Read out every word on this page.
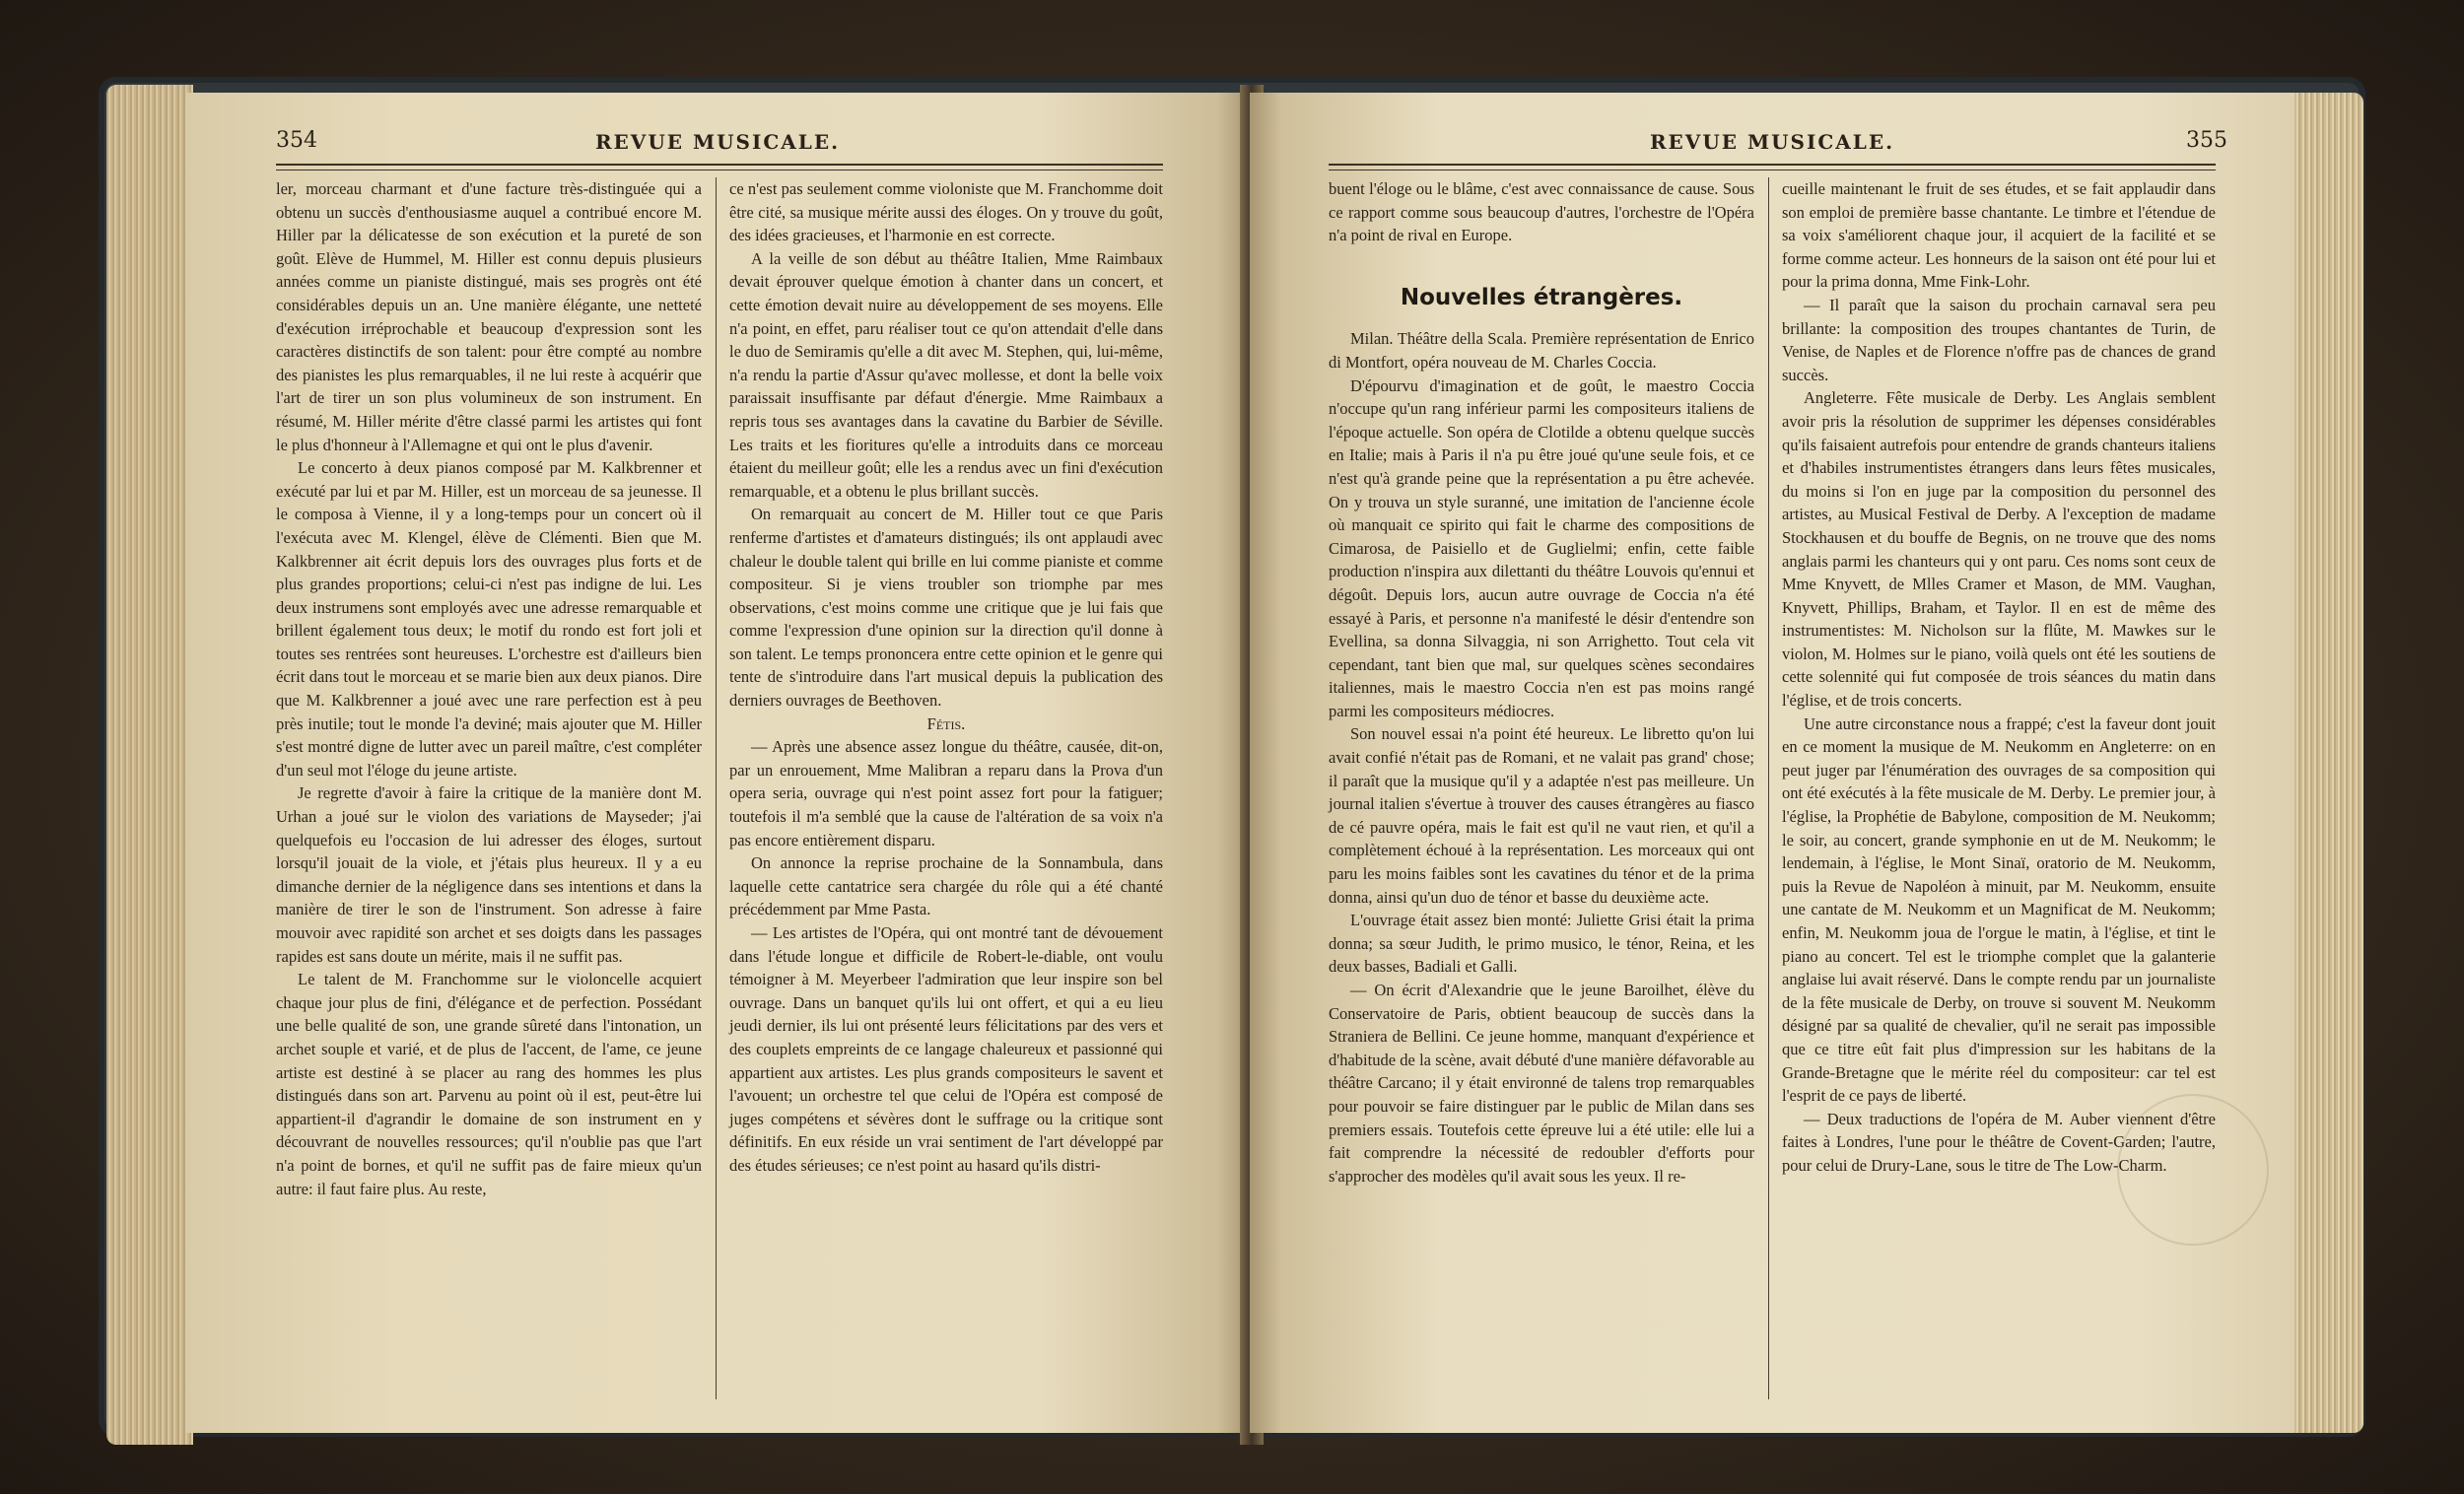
354	REVUE MUSICALE.

ler, morceau charmant et d'une facture très-distinguée qui a obtenu un succès d'enthousiasme auquel a contribué encore M. Hiller par la délicatesse de son exécution et la pureté de son goût. Elève de Hummel, M. Hiller est connu depuis plusieurs années comme un pianiste distingué, mais ses progrès ont été considérables depuis un an. Une manière élégante, une netteté d'exécution irréprochable et beaucoup d'expression sont les caractères distinctifs de son talent: pour être compté au nombre des pianistes les plus remarquables, il ne lui reste à acquérir que l'art de tirer un son plus volumineux de son instrument. En résumé, M. Hiller mérite d'être classé parmi les artistes qui font le plus d'honneur à l'Allemagne et qui ont le plus d'avenir.

Le concerto à deux pianos composé par M. Kalkbrenner et exécuté par lui et par M. Hiller, est un morceau de sa jeunesse. Il le composa à Vienne, il y a long-temps pour un concert où il l'exécuta avec M. Klengel, élève de Clémenti. Bien que M. Kalkbrenner ait écrit depuis lors des ouvrages plus forts et de plus grandes proportions; celui-ci n'est pas indigne de lui. Les deux instrumens sont employés avec une adresse remarquable et brillent également tous deux; le motif du rondo est fort joli et toutes ses rentrées sont heureuses. L'orchestre est d'ailleurs bien écrit dans tout le morceau et se marie bien aux deux pianos. Dire que M. Kalkbrenner a joué avec une rare perfection est à peu près inutile; tout le monde l'a deviné; mais ajouter que M. Hiller s'est montré digne de lutter avec un pareil maître, c'est compléter d'un seul mot l'éloge du jeune artiste.

Je regrette d'avoir à faire la critique de la manière dont M. Urhan a joué sur le violon des variations de Mayseder; j'ai quelquefois eu l'occasion de lui adresser des éloges, surtout lorsqu'il jouait de la viole, et j'étais plus heureux. Il y a eu dimanche dernier de la négligence dans ses intentions et dans la manière de tirer le son de l'instrument. Son adresse à faire mouvoir avec rapidité son archet et ses doigts dans les passages rapides est sans doute un mérite, mais il ne suffit pas.

Le talent de M. Franchomme sur le violoncelle acquiert chaque jour plus de fini, d'élégance et de perfection. Possédant une belle qualité de son, une grande sûreté dans l'intonation, un archet souple et varié, et de plus de l'accent, de l'ame, ce jeune artiste est destiné à se placer au rang des hommes les plus distingués dans son art. Parvenu au point où il est, peut-être lui appartient-il d'agrandir le domaine de son instrument en y découvrant de nouvelles ressources; qu'il n'oublie pas que l'art n'a point de bornes, et qu'il ne suffit pas de faire mieux qu'un autre: il faut faire plus. Au reste,

ce n'est pas seulement comme violoniste que M. Franchomme doit être cité, sa musique mérite aussi des éloges. On y trouve du goût, des idées gracieuses, et l'harmonie en est correcte.

A la veille de son début au théâtre Italien, Mme Raimbaux devait éprouver quelque émotion à chanter dans un concert, et cette émotion devait nuire au développement de ses moyens. Elle n'a point, en effet, paru réaliser tout ce qu'on attendait d'elle dans le duo de Semiramis qu'elle a dit avec M. Stephen, qui, lui-même, n'a rendu la partie d'Assur qu'avec mollesse, et dont la belle voix paraissait insuffisante par défaut d'énergie. Mme Raimbaux a repris tous ses avantages dans la cavatine du Barbier de Séville. Les traits et les fioritures qu'elle a introduits dans ce morceau étaient du meilleur goût; elle les a rendus avec un fini d'exécution remarquable, et a obtenu le plus brillant succès.

On remarquait au concert de M. Hiller tout ce que Paris renferme d'artistes et d'amateurs distingués; ils ont applaudi avec chaleur le double talent qui brille en lui comme pianiste et comme compositeur. Si je viens troubler son triomphe par mes observations, c'est moins comme une critique que je lui fais que comme l'expression d'une opinion sur la direction qu'il donne à son talent. Le temps prononcera entre cette opinion et le genre qui tente de s'introduire dans l'art musical depuis la publication des derniers ouvrages de Beethoven.

Fétis.

— Après une absence assez longue du théâtre, causée, dit-on, par un enrouement, Mme Malibran a reparu dans la Prova d'un opera seria, ouvrage qui n'est point assez fort pour la fatiguer; toutefois il m'a semblé que la cause de l'altération de sa voix n'a pas encore entièrement disparu.

On annonce la reprise prochaine de la Sonnambula, dans laquelle cette cantatrice sera chargée du rôle qui a été chanté précédemment par Mme Pasta.

— Les artistes de l'Opéra, qui ont montré tant de dévouement dans l'étude longue et difficile de Robert-le-diable, ont voulu témoigner à M. Meyerbeer l'admiration que leur inspire son bel ouvrage. Dans un banquet qu'ils lui ont offert, et qui a eu lieu jeudi dernier, ils lui ont présenté leurs félicitations par des vers et des couplets empreints de ce langage chaleureux et passionné qui appartient aux artistes. Les plus grands compositeurs le savent et l'avouent; un orchestre tel que celui de l'Opéra est composé de juges compétens et sévères dont le suffrage ou la critique sont définitifs. En eux réside un vrai sentiment de l'art développé par des études sérieuses; ce n'est point au hasard qu'ils distri-

REVUE MUSICALE.	355

buent l'éloge ou le blâme, c'est avec connaissance de cause. Sous ce rapport comme sous beaucoup d'autres, l'orchestre de l'Opéra n'a point de rival en Europe.

Nouvelles étrangères.

Milan. Théâtre della Scala. Première représentation de Enrico di Montfort, opéra nouveau de M. Charles Coccia.

D'épourvu d'imagination et de goût, le maestro Coccia n'occupe qu'un rang inférieur parmi les compositeurs italiens de l'époque actuelle. Son opéra de Clotilde a obtenu quelque succès en Italie; mais à Paris il n'a pu être joué qu'une seule fois, et ce n'est qu'à grande peine que la représentation a pu être achevée. On y trouva un style suranné, une imitation de l'ancienne école où manquait ce spirito qui fait le charme des compositions de Cimarosa, de Paisiello et de Guglielmi; enfin, cette faible production n'inspira aux dilettanti du théâtre Louvois qu'ennui et dégoût. Depuis lors, aucun autre ouvrage de Coccia n'a été essayé à Paris, et personne n'a manifesté le désir d'entendre son Evellina, sa donna Silvaggia, ni son Arrighetto. Tout cela vit cependant, tant bien que mal, sur quelques scènes secondaires italiennes, mais le maestro Coccia n'en est pas moins rangé parmi les compositeurs médiocres.

Son nouvel essai n'a point été heureux. Le libretto qu'on lui avait confié n'était pas de Romani, et ne valait pas grand' chose; il paraît que la musique qu'il y a adaptée n'est pas meilleure. Un journal italien s'évertue à trouver des causes étrangères au fiasco de cé pauvre opéra, mais le fait est qu'il ne vaut rien, et qu'il a complètement échoué à la représentation. Les morceaux qui ont paru les moins faibles sont les cavatines du ténor et de la prima donna, ainsi qu'un duo de ténor et basse du deuxième acte.

L'ouvrage était assez bien monté: Juliette Grisi était la prima donna; sa sœur Judith, le primo musico, le ténor, Reina, et les deux basses, Badiali et Galli.

— On écrit d'Alexandrie que le jeune Baroilhet, élève du Conservatoire de Paris, obtient beaucoup de succès dans la Straniera de Bellini. Ce jeune homme, manquant d'expérience et d'habitude de la scène, avait débuté d'une manière défavorable au théâtre Carcano; il y était environné de talens trop remarquables pour pouvoir se faire distinguer par le public de Milan dans ses premiers essais. Toutefois cette épreuve lui a été utile: elle lui a fait comprendre la nécessité de redoubler d'efforts pour s'approcher des modèles qu'il avait sous les yeux. Il re-

cueille maintenant le fruit de ses études, et se fait applaudir dans son emploi de première basse chantante. Le timbre et l'étendue de sa voix s'améliorent chaque jour, il acquiert de la facilité et se forme comme acteur. Les honneurs de la saison ont été pour lui et pour la prima donna, Mme Fink-Lohr.

— Il paraît que la saison du prochain carnaval sera peu brillante: la composition des troupes chantantes de Turin, de Venise, de Naples et de Florence n'offre pas de chances de grand succès.

Angleterre. Fête musicale de Derby. Les Anglais semblent avoir pris la résolution de supprimer les dépenses considérables qu'ils faisaient autrefois pour entendre de grands chanteurs italiens et d'habiles instrumentistes étrangers dans leurs fêtes musicales, du moins si l'on en juge par la composition du personnel des artistes, au Musical Festival de Derby. A l'exception de madame Stockhausen et du bouffe de Begnis, on ne trouve que des noms anglais parmi les chanteurs qui y ont paru. Ces noms sont ceux de Mme Knyvett, de Mlles Cramer et Mason, de MM. Vaughan, Knyvett, Phillips, Braham, et Taylor. Il en est de même des instrumentistes: M. Nicholson sur la flûte, M. Mawkes sur le violon, M. Holmes sur le piano, voilà quels ont été les soutiens de cette solennité qui fut composée de trois séances du matin dans l'église, et de trois concerts.

Une autre circonstance nous a frappé; c'est la faveur dont jouit en ce moment la musique de M. Neukomm en Angleterre: on en peut juger par l'énumération des ouvrages de sa composition qui ont été exécutés à la fête musicale de M. Derby. Le premier jour, à l'église, la Prophétie de Babylone, composition de M. Neukomm; le soir, au concert, grande symphonie en ut de M. Neukomm; le lendemain, à l'église, le Mont Sinaï, oratorio de M. Neukomm, puis la Revue de Napoléon à minuit, par M. Neukomm, ensuite une cantate de M. Neukomm et un Magnificat de M. Neukomm; enfin, M. Neukomm joua de l'orgue le matin, à l'église, et tint le piano au concert. Tel est le triomphe complet que la galanterie anglaise lui avait réservé. Dans le compte rendu par un journaliste de la fête musicale de Derby, on trouve si souvent M. Neukomm désigné par sa qualité de chevalier, qu'il ne serait pas impossible que ce titre eût fait plus d'impression sur les habitans de la Grande-Bretagne que le mérite réel du compositeur: car tel est l'esprit de ce pays de liberté.

— Deux traductions de l'opéra de M. Auber viennent d'être faites à Londres, l'une pour le théâtre de Covent-Garden; l'autre, pour celui de Drury-Lane, sous le titre de The Low-Charm.
